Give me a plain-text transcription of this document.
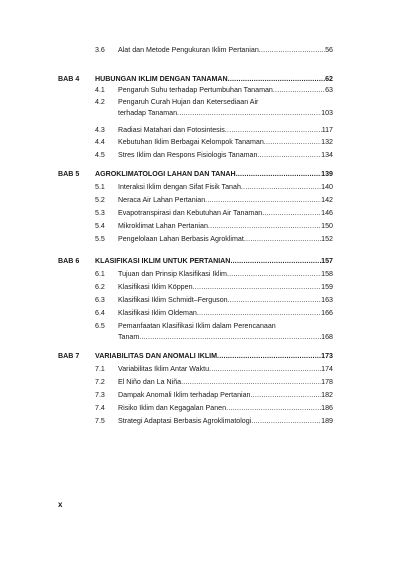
3.6 Alat dan Metode Pengukuran Iklim Pertanian .....	56
BAB 4 HUBUNGAN IKLIM DENGAN TANAMAN .....	62
4.1 Pengaruh Suhu terhadap Pertumbuhan Tanaman .....	63
4.2 Pengaruh Curah Hujan dan Ketersediaan Air
terhadap Tanaman .....	103
4.3 Radiasi Matahari dan Fotosintesis .....	117
4.4 Kebutuhan Iklim Berbagai Kelompok Tanaman .....	132
4.5 Stres Iklim dan Respons Fisiologis Tanaman .....	134
BAB 5 AGROKLIMATOLOGI LAHAN DAN TANAH .....	139
5.1 Interaksi Iklim dengan Sifat Fisik Tanah .....	140
5.2 Neraca Air Lahan Pertanian .....	142
5.3 Evapotranspirasi dan Kebutuhan Air Tanaman .....	146
5.4 Mikroklimat Lahan Pertanian .....	150
5.5 Pengelolaan Lahan Berbasis Agroklimat .....	152
BAB 6 KLASIFIKASI IKLIM UNTUK PERTANIAN .....	157
6.1 Tujuan dan Prinsip Klasifikasi Iklim .....	158
6.2 Klasifikasi Iklim Köppen .....	159
6.3 Klasifikasi Iklim Schmidt–Ferguson .....	163
6.4 Klasifikasi Iklim Oldeman .....	166
6.5 Pemanfaatan Klasifikasi Iklim dalam Perencanaan
Tanam .....	168
BAB 7 VARIABILITAS DAN ANOMALI IKLIM .....	173
7.1 Variabilitas Iklim Antar Waktu .....	174
7.2 El Niño dan La Niña .....	178
7.3 Dampak Anomali Iklim terhadap Pertanian .....	182
7.4 Risiko Iklim dan Kegagalan Panen .....	186
7.5 Strategi Adaptasi Berbasis Agroklimatologi .....	189
x
